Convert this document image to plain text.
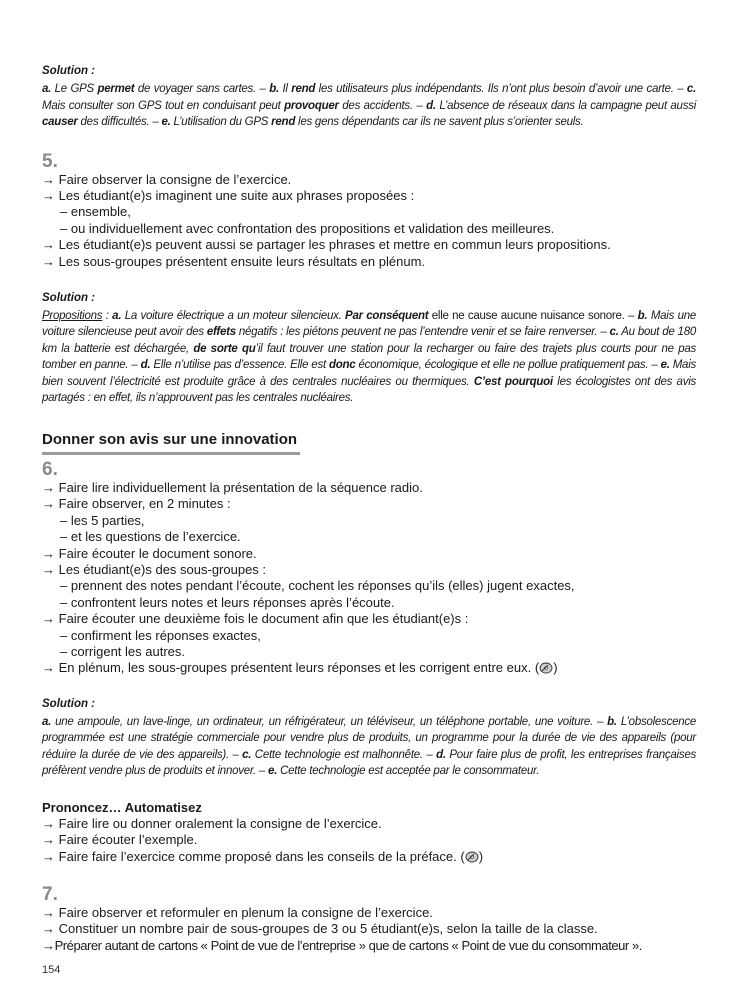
Solution :

a. Le GPS permet de voyager sans cartes. – b. Il rend les utilisateurs plus indépendants. Ils n’ont plus besoin d’avoir une carte. – c. Mais consulter son GPS tout en conduisant peut provoquer des accidents. – d. L’absence de réseaux dans la campagne peut aussi causer des difficultés. – e. L’utilisation du GPS rend les gens dépendants car ils ne savent plus s’orienter seuls.

5.

→ Faire observer la consigne de l’exercice.

→ Les étudiant(e)s imaginent une suite aux phrases proposées :

– ensemble,

– ou individuellement avec confrontation des propositions et validation des meilleures.

→ Les étudiant(e)s peuvent aussi se partager les phrases et mettre en commun leurs propositions.

→ Les sous-groupes présentent ensuite leurs résultats en plénum.

Solution :

Propositions : a. La voiture électrique a un moteur silencieux. Par conséquent elle ne cause aucune nuisance sonore. – b. Mais une voiture silencieuse peut avoir des effets négatifs : les piétons peuvent ne pas l’entendre venir et se faire renverser. – c. Au bout de 180 km la batterie est déchargée, de sorte qu’il faut trouver une station pour la recharger ou faire des trajets plus courts pour ne pas tomber en panne. – d. Elle n’utilise pas d’essence. Elle est donc économique, écologique et elle ne pollue pratiquement pas. – e. Mais bien souvent l’électricité est produite grâce à des centrales nucléaires ou thermiques. C’est pourquoi les écologistes ont des avis partagés : en effet, ils n’approuvent pas les centrales nucléaires.

Donner son avis sur une innovation

6.

→ Faire lire individuellement la présentation de la séquence radio.

→ Faire observer, en 2 minutes :

– les 5 parties,

– et les questions de l’exercice.

→ Faire écouter le document sonore.

→ Les étudiant(e)s des sous-groupes :

– prennent des notes pendant l’écoute, cochent les réponses qu’ils (elles) jugent exactes,

– confrontent leurs notes et leurs réponses après l’écoute.

→ Faire écouter une deuxième fois le document afin que les étudiant(e)s :

– confirment les réponses exactes,

– corrigent les autres.

→ En plénum, les sous-groupes présentent leurs réponses et les corrigent entre eux. ( )

Solution :

a. une ampoule, un lave-linge, un ordinateur, un réfrigérateur, un téléviseur, un téléphone portable, une voiture. – b. L’obsolescence programmée est une stratégie commerciale pour vendre plus de produits, un programme pour la durée de vie des appareils (pour réduire la durée de vie des appareils). – c. Cette technologie est malhonnête. – d. Pour faire plus de profit, les entreprises françaises préfèrent vendre plus de produits et innover. – e. Cette technologie est acceptée par le consommateur.

Prononcez… Automatisez

→ Faire lire ou donner oralement la consigne de l’exercice.

→ Faire écouter l’exemple.

→ Faire faire l’exercice comme proposé dans les conseils de la préface. ( )

7.

→ Faire observer et reformuler en plenum la consigne de l’exercice.

→ Constituer un nombre pair de sous-groupes de 3 ou 5 étudiant(e)s, selon la taille de la classe.

→Préparer autant de cartons « Point de vue de l’entreprise » que de cartons « Point de vue du consommateur ».

154
